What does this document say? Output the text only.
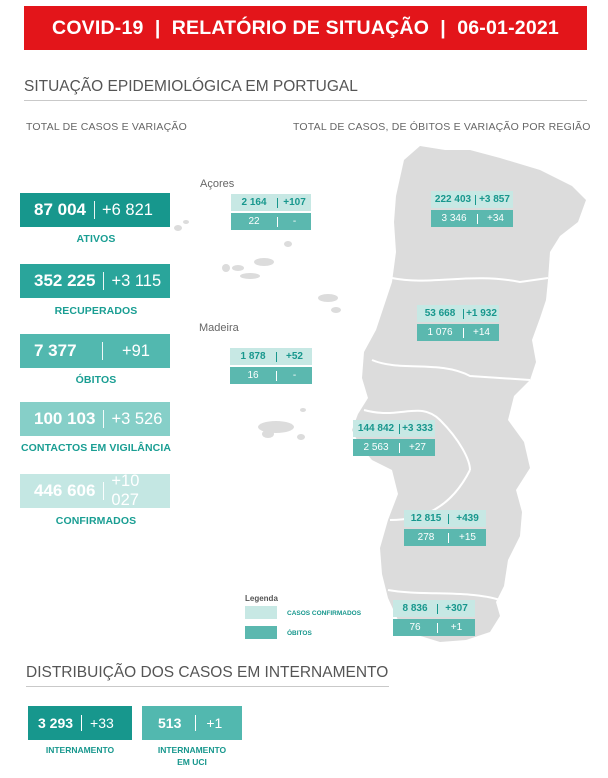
COVID-19 | RELATÓRIO DE SITUAÇÃO | 06-01-2021
SITUAÇÃO EPIDEMIOLÓGICA EM PORTUGAL
TOTAL DE CASOS E VARIAÇÃO	TOTAL DE CASOS, DE ÓBITOS E VARIAÇÃO POR REGIÃO
87 004 +6 821
ATIVOS
352 225 +3 115
RECUPERADOS
7 377	+91
ÓBITOS
100 103 +3 526
CONTACTOS EM VIGILÂNCIA
446 606 +10 027
CONFIRMADOS
Açores
Madeira
2 164	+107
22	-
1 878	+52
16	-
222 403 +3 857
3 346	+34
53 668	+1 932
1 076	+14
144 842 +3 333
2 563	+27
12 815	+439
278	+15
8 836	+307
76	+1
Legenda
CASOS CONFIRMADOS
ÓBITOS
DISTRIBUIÇÃO DOS CASOS EM INTERNAMENTO
3 293 +33
INTERNAMENTO
513 +1
INTERNAMENTO
EM UCI
